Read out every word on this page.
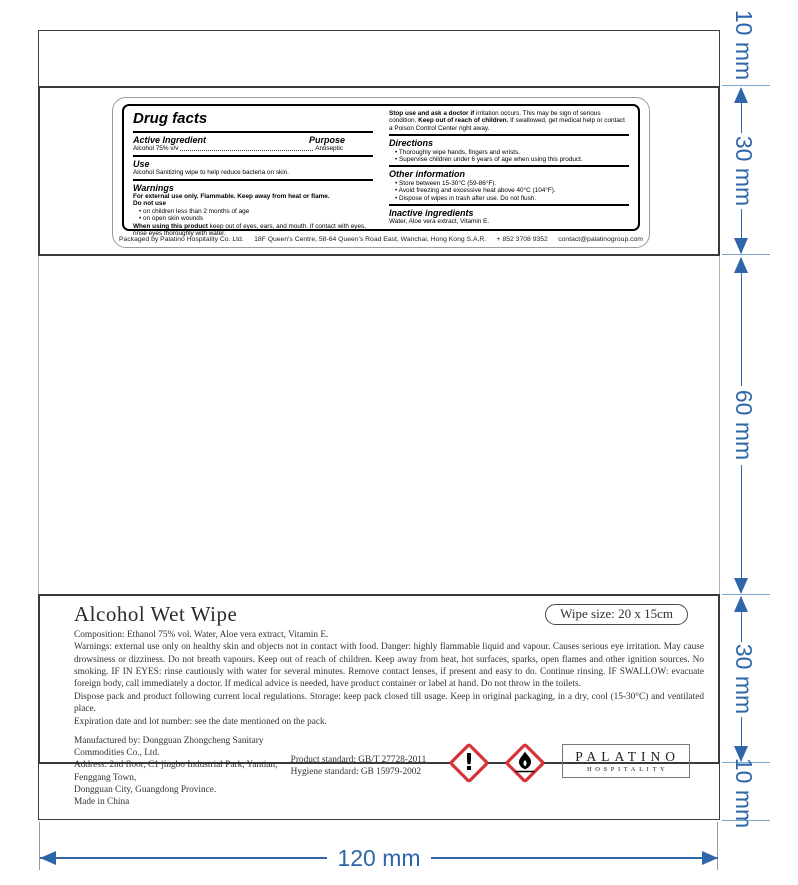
Drug facts
Active Ingredient	Purpose
Alcohol 75% v/v	Antiseptic
Use
Alcohol Sanitizing wipe to help reduce bacteria on skin.
Warnings
For external use only. Flammable. Keep away from heat or flame.
Do not use
• on children less than 2 months of age
• on open skin wounds
When using this product keep out of eyes, ears, and mouth. If contact with eyes, rinse eyes thoroughly with water.
Stop use and ask a doctor if irritation occurs. This may be sign of serious condition. Keep out of reach of children. If swallowed, get medical help or contact a Poison Control Center right away.
Directions
• Thoroughly wipe hands, fingers and wrists.
• Supervise children under 6 years of age when using this product.
Other information
• Store between 15-30°C (59-86°F).
• Avoid freezing and excessive heat above 40°C (104°F).
• Dispose of wipes in trash after use. Do not flush.
Inactive ingredients
Water, Aloe vera extract, Vitamin E.
Packaged by Palatino Hospitality Co. Ltd. 18F Queen's Centre, 58-64 Queen's Road East, Wanchai, Hong Kong S.A.R. + 852 3708 9352 contact@palatinogroup.com
Alcohol Wet Wipe	Wipe size: 20 x 15cm

Composition: Ethanol 75% vol. Water, Aloe vera extract, Vitamin E.

Warnings: external use only on healthy skin and objects not in contact with food. Danger: highly flammable liquid and vapour. Causes serious eye irritation. May cause drowsiness or dizziness. Do not breath vapours. Keep out of reach of children. Keep away from heat, hot surfaces, sparks, open flames and other ignition sources. No smoking. IF IN EYES: rinse cautiously with water for several minutes. Remove contact lenses, if present and easy to do. Continue rinsing. IF SWALLOW: evacuate foreign body, call immediately a doctor. If medical advice is needed, have product container or label at hand. Do not throw in the toilets.

Dispose pack and product following current local regulations. Storage: keep pack closed till usage. Keep in original packaging, in a dry, cool (15-30°C) and ventilated place.

Expiration date and lot number: see the date mentioned on the pack.

Manufactured by: Dongguan Zhongcheng Sanitary Commodities Co., Ltd.
Address: 2nd floor, C1 jingbo Industrial Park, Yantian, Fenggang Town,
Dongguan City, Guangdong Province.
Made in China
Product standard: GB/T 27728-2011
Hygiene standard: GB 15979-2002 !	PALATINO
HOSPITALITY
10 mm
30 mm
60 mm
30 mm
10 mm
120 mm
